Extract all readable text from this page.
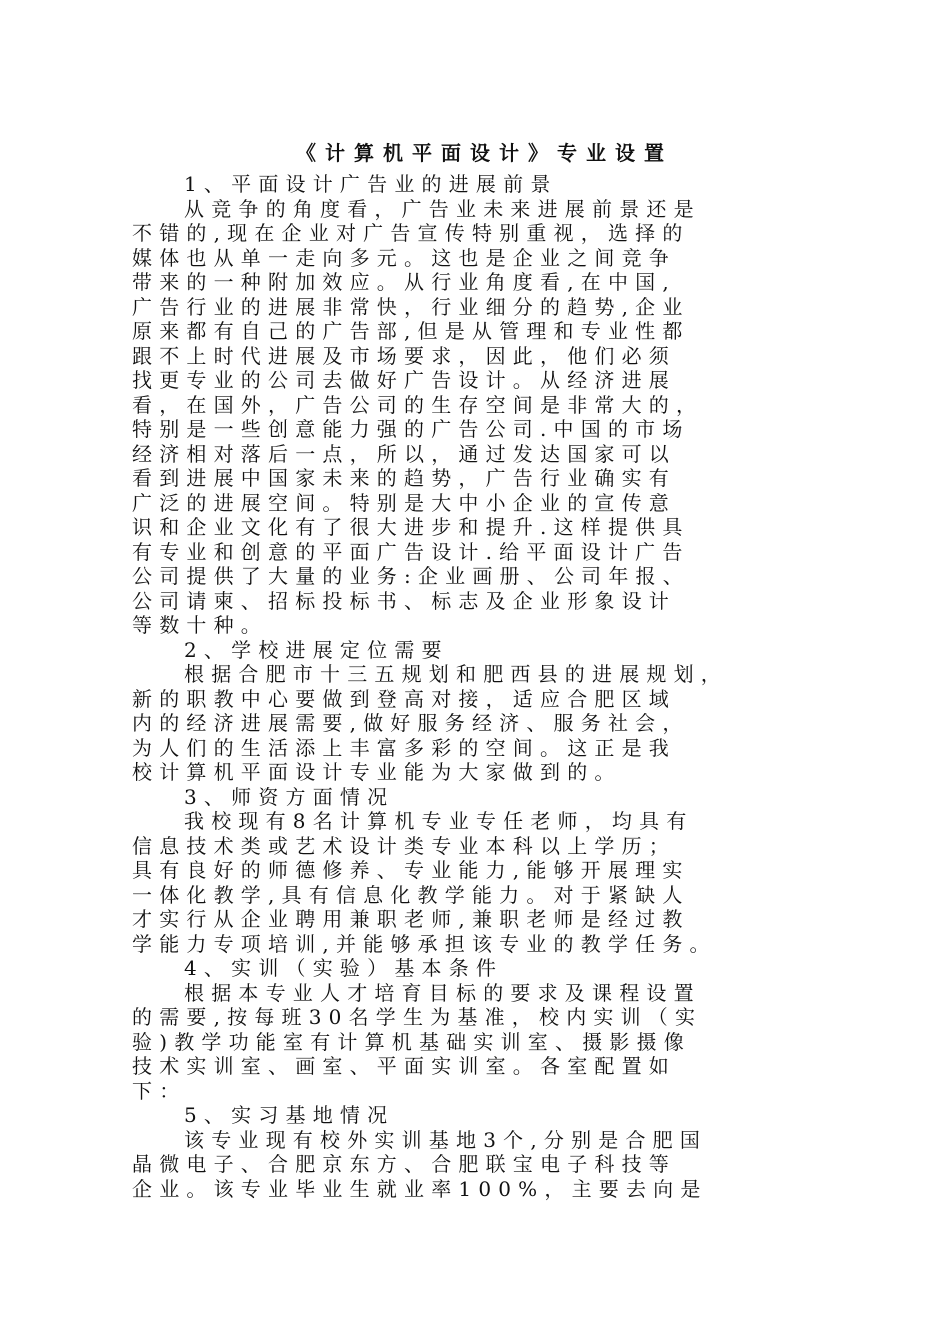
《计算机平面设计》专业设置
1、平面设计广告业的进展前景
从竞争的角度看，广告业未来进展前景还是
不错的,现在企业对广告宣传特别重视，选择的
媒体也从单一走向多元。这也是企业之间竞争
带来的一种附加效应。从行业角度看,在中国,
广告行业的进展非常快，行业细分的趋势,企业
原来都有自己的广告部,但是从管理和专业性都
跟不上时代进展及市场要求，因此，他们必须
找更专业的公司去做好广告设计。从经济进展
看，在国外，广告公司的生存空间是非常大的，
特别是一些创意能力强的广告公司.中国的市场
经济相对落后一点，所以，通过发达国家可以
看到进展中国家未来的趋势，广告行业确实有
广泛的进展空间。特别是大中小企业的宣传意
识和企业文化有了很大进步和提升.这样提供具
有专业和创意的平面广告设计.给平面设计广告
公司提供了大量的业务:企业画册、公司年报、
公司请柬、招标投标书、标志及企业形象设计
等数十种。
2、学校进展定位需要
根据合肥市十三五规划和肥西县的进展规划，
新的职教中心要做到登高对接，适应合肥区域
内的经济进展需要,做好服务经济、服务社会，
为人们的生活添上丰富多彩的空间。这正是我
校计算机平面设计专业能为大家做到的。
3、师资方面情况
我校现有8名计算机专业专任老师，均具有
信息技术类或艺术设计类专业本科以上学历；
具有良好的师德修养、专业能力,能够开展理实
一体化教学,具有信息化教学能力。对于紧缺人
才实行从企业聘用兼职老师,兼职老师是经过教
学能力专项培训,并能够承担该专业的教学任务。
4、实训（实验）基本条件
根据本专业人才培育目标的要求及课程设置
的需要,按每班30名学生为基准，校内实训（实
验)教学功能室有计算机基础实训室、摄影摄像
技术实训室、画室、平面实训室。各室配置如
下：
5、实习基地情况
该专业现有校外实训基地3个,分别是合肥国
晶微电子、合肥京东方、合肥联宝电子科技等
企业。该专业毕业生就业率100%，主要去向是
